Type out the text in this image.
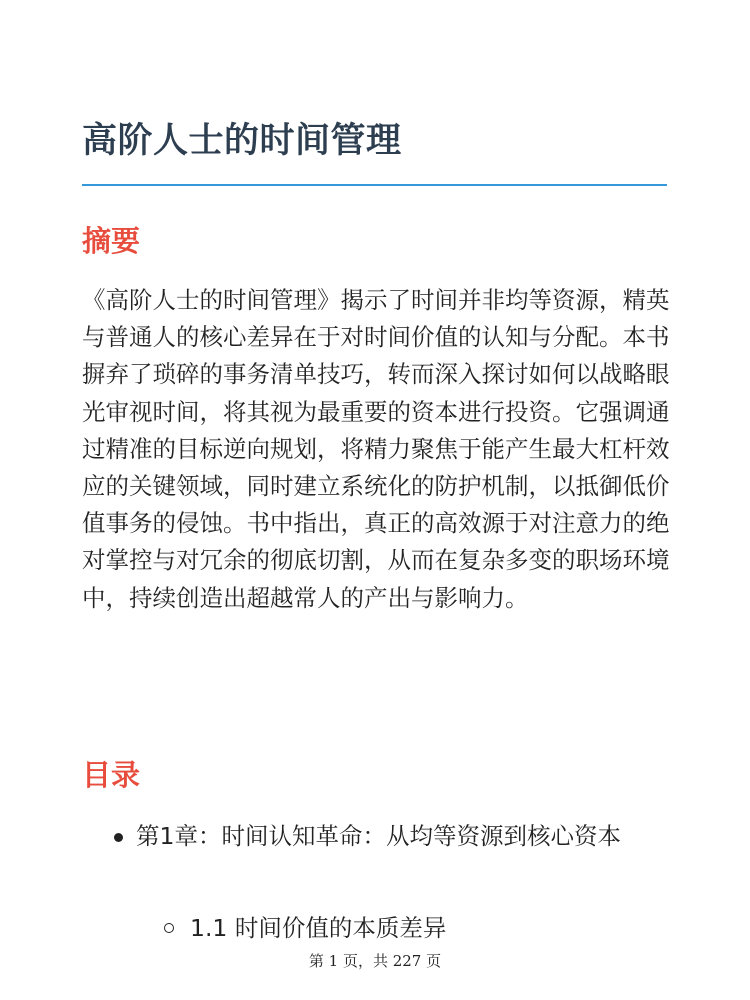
高阶人士的时间管理
摘要

《高阶人士的时间管理》揭示了时间并非均等资源，精英与普通人的核心差异在于对时间价值的认知与分配。本书摒弃了琐碎的事务清单技巧，转而深入探讨如何以战略眼光审视时间，将其视为最重要的资本进行投资。它强调通过精准的目标逆向规划，将精力聚焦于能产生最大杠杆效应的关键领域，同时建立系统化的防护机制，以抵御低价值事务的侵蚀。书中指出，真正的高效源于对注意力的绝对掌控与对冗余的彻底切割，从而在复杂多变的职场环境中，持续创造出超越常人的产出与影响力。

目录
第1章：时间认知革命：从均等资源到核心资本
1.1 时间价值的本质差异
第 1 页，共 227 页
